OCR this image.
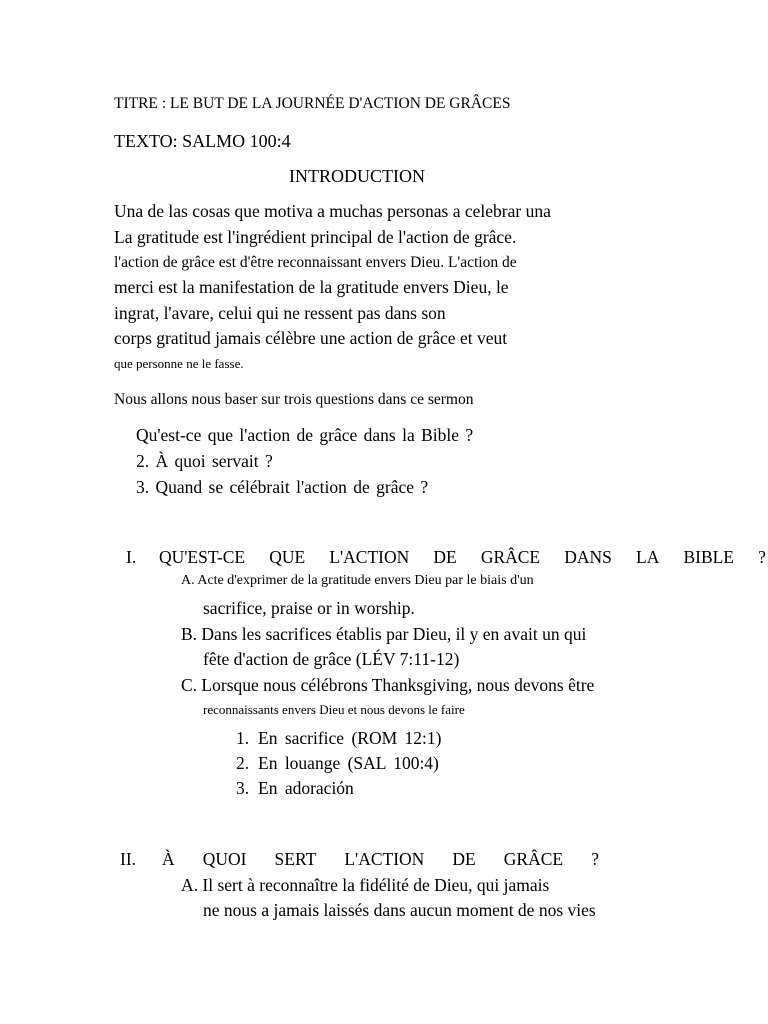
TITRE : LE BUT DE LA JOURNÉE D'ACTION DE GRÂCES
TEXTO: SALMO 100:4
INTRODUCTION
Una de las cosas que motiva a muchas personas a celebrar una
La gratitude est l'ingrédient principal de l'action de grâce.
l'action de grâce est d'être reconnaissant envers Dieu. L'action de
merci est la manifestation de la gratitude envers Dieu, le
ingrat, l'avare, celui qui ne ressent pas dans son
corps gratitud jamais célèbre une action de grâce et veut
que personne ne le fasse.
Nous allons nous baser sur trois questions dans ce sermon
Qu'est-ce que l'action de grâce dans la Bible ?
2. À quoi servait ?
3. Quand se célébrait l'action de grâce ?
I. QU'EST-CE QUE L'ACTION DE GRÂCE DANS LA BIBLE ?
A. Acte d'exprimer de la gratitude envers Dieu par le biais d'un
sacrifice, praise or in worship.
B. Dans les sacrifices établis par Dieu, il y en avait un qui
fête d'action de grâce (LÉV 7:11-12)
C. Lorsque nous célébrons Thanksgiving, nous devons être
reconnaissants envers Dieu et nous devons le faire
1. En sacrifice (ROM 12:1)
2. En louange (SAL 100:4)
3. En adoración
II. À QUOI SERT L'ACTION DE GRÂCE ?
A. Il sert à reconnaître la fidélité de Dieu, qui jamais
ne nous a jamais laissés dans aucun moment de nos vies
